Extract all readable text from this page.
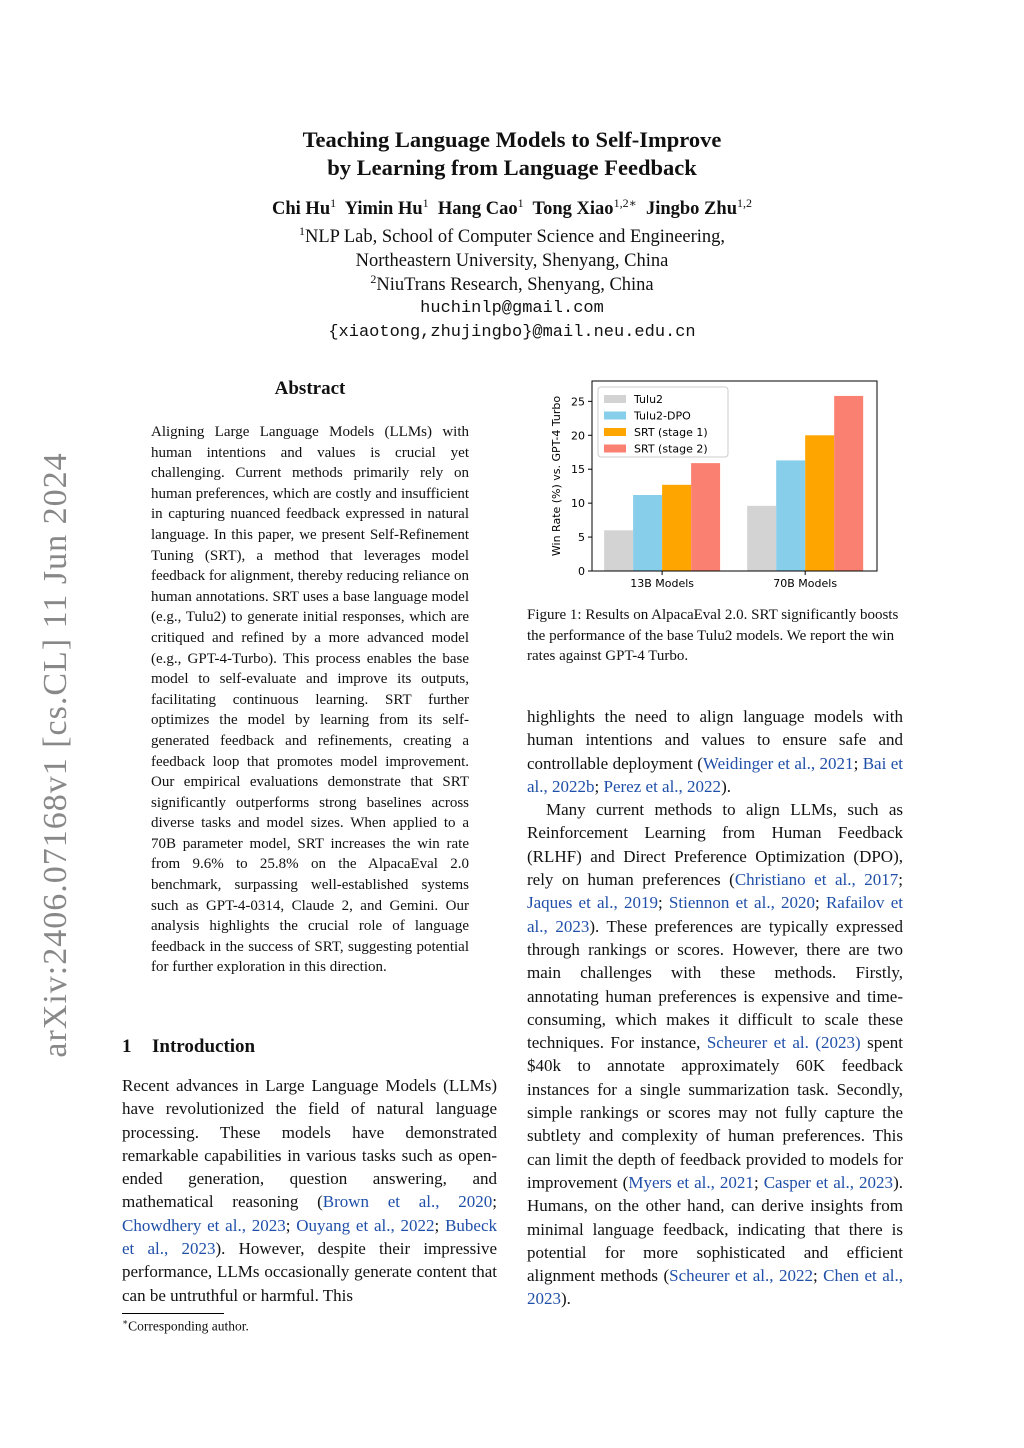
Teaching Language Models to Self-Improve
by Learning from Language Feedback
Chi Hu$^1$ Yimin Hu$^1$ Hang Cao$^1$ Tong Xiao$^{1,2∗}$ Jingbo Zhu$^{1,2}$
$^1$NLP Lab, School of Computer Science and Engineering,
Northeastern University, Shenyang, China
$^2$NiuTrans Research, Shenyang, China
huchinlp@gmail.com
{xiaotong,zhujingbo}@mail.neu.edu.cn
arXiv:2406.07168v1 [cs.CL] 11 Jun 2024
Abstract
Aligning Large Language Models (LLMs) with human intentions and values is crucial yet challenging. Current methods primarily rely on human preferences, which are costly and insufficient in capturing nuanced feedback expressed in natural language. In this paper, we present Self-Refinement Tuning (SRT), a method that leverages model feedback for alignment, thereby reducing reliance on human annotations. SRT uses a base language model (e.g., Tulu2) to generate initial responses, which are critiqued and refined by a more advanced model (e.g., GPT-4-Turbo). This process enables the base model to self-evaluate and improve its outputs, facilitating continuous learning. SRT further optimizes the model by learning from its self-generated feedback and refinements, creating a feedback loop that promotes model improvement. Our empirical evaluations demonstrate that SRT significantly outperforms strong baselines across diverse tasks and model sizes. When applied to a 70B parameter model, SRT increases the win rate from 9.6% to 25.8% on the AlpacaEval 2.0 benchmark, surpassing well-established systems such as GPT-4-0314, Claude 2, and Gemini. Our analysis highlights the crucial role of language feedback in the success of SRT, suggesting potential for further exploration in this direction.
1 Introduction
Recent advances in Large Language Models (LLMs) have revolutionized the field of natural language processing. These models have demonstrated remarkable capabilities in various tasks such as open-ended generation, question answering, and mathematical reasoning (Brown et al., 2020; Chowdhery et al., 2023; Ouyang et al., 2022; Bubeck et al., 2023). However, despite their impressive performance, LLMs occasionally generate content that can be untruthful or harmful. This
∗Corresponding author.
0
5
10
15
20
25
13B Models	70B Models
Win Rate (%) vs. GPT-4 Turbo	Tulu2
Tulu2-DPO
SRT (stage 1)
SRT (stage 2)
Figure 1: Results on AlpacaEval 2.0. SRT significantly boosts the performance of the base Tulu2 models. We report the win rates against GPT-4 Turbo.

highlights the need to align language models with human intentions and values to ensure safe and controllable deployment (Weidinger et al., 2021; Bai et al., 2022b; Perez et al., 2022).

Many current methods to align LLMs, such as Reinforcement Learning from Human Feedback (RLHF) and Direct Preference Optimization (DPO), rely on human preferences (Christiano et al., 2017; Jaques et al., 2019; Stiennon et al., 2020; Rafailov et al., 2023). These preferences are typically expressed through rankings or scores. However, there are two main challenges with these methods. Firstly, annotating human preferences is expensive and time-consuming, which makes it difficult to scale these techniques. For instance, Scheurer et al. (2023) spent $40k to annotate approximately 60K feedback instances for a single summarization task. Secondly, simple rankings or scores may not fully capture the subtlety and complexity of human preferences. This can limit the depth of feedback provided to models for improvement (Myers et al., 2021; Casper et al., 2023). Humans, on the other hand, can derive insights from minimal language feedback, indicating that there is potential for more sophisticated and efficient alignment methods (Scheurer et al., 2022; Chen et al., 2023).
